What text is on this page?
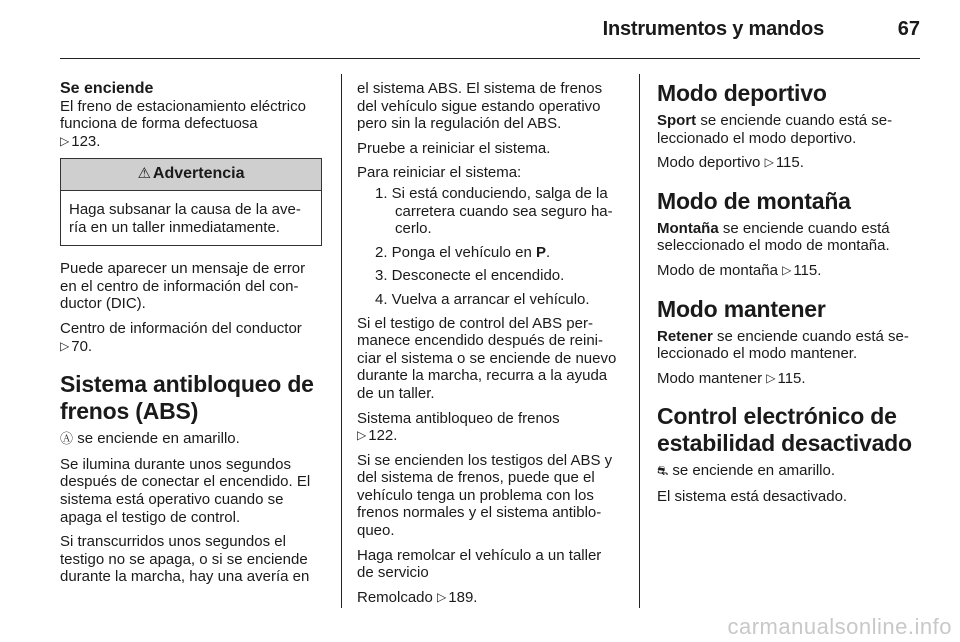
Instrumentos y mandos	67
Se enciende

El freno de estacionamiento eléctrico funciona de forma defectuosa
▷ 123.

⚠ Advertencia
Haga subsanar la causa de la ave-ría en un taller inmediatamente.

Puede aparecer un mensaje de error en el centro de información del con-ductor (DIC).

Centro de información del conductor
▷ 70.

Sistema antibloqueo de frenos (ABS)

Ⓐ se enciende en amarillo.

Se ilumina durante unos segundos después de conectar el encendido. El sistema está operativo cuando se apaga el testigo de control.

Si transcurridos unos segundos el testigo no se apaga, o si se enciende durante la marcha, hay una avería en

el sistema ABS. El sistema de frenos del vehículo sigue estando operativo pero sin la regulación del ABS.

Pruebe a reiniciar el sistema.

Para reiniciar el sistema:

1. Si está conduciendo, salga de la carretera cuando sea seguro ha-cerlo.
2. Ponga el vehículo en P.
3. Desconecte el encendido.
4. Vuelva a arrancar el vehículo.

Si el testigo de control del ABS per-manece encendido después de reini-ciar el sistema o se enciende de nuevo durante la marcha, recurra a la ayuda de un taller.

Sistema antibloqueo de frenos
▷ 122.

Si se encienden los testigos del ABS y del sistema de frenos, puede que el vehículo tenga un problema con los frenos normales y el sistema antiblo-queo.

Haga remolcar el vehículo a un taller de servicio

Remolcado ▷ 189.

Modo deportivo

Sport se enciende cuando está se-leccionado el modo deportivo.

Modo deportivo ▷ 115.

Modo de montaña

Montaña se enciende cuando está seleccionado el modo de montaña.

Modo de montaña ▷ 115.

Modo mantener

Retener se enciende cuando está se-leccionado el modo mantener.

Modo mantener ▷ 115.

Control electrónico de estabilidad desactivado

⛐ se enciende en amarillo.

El sistema está desactivado.

carmanualsonline.info
